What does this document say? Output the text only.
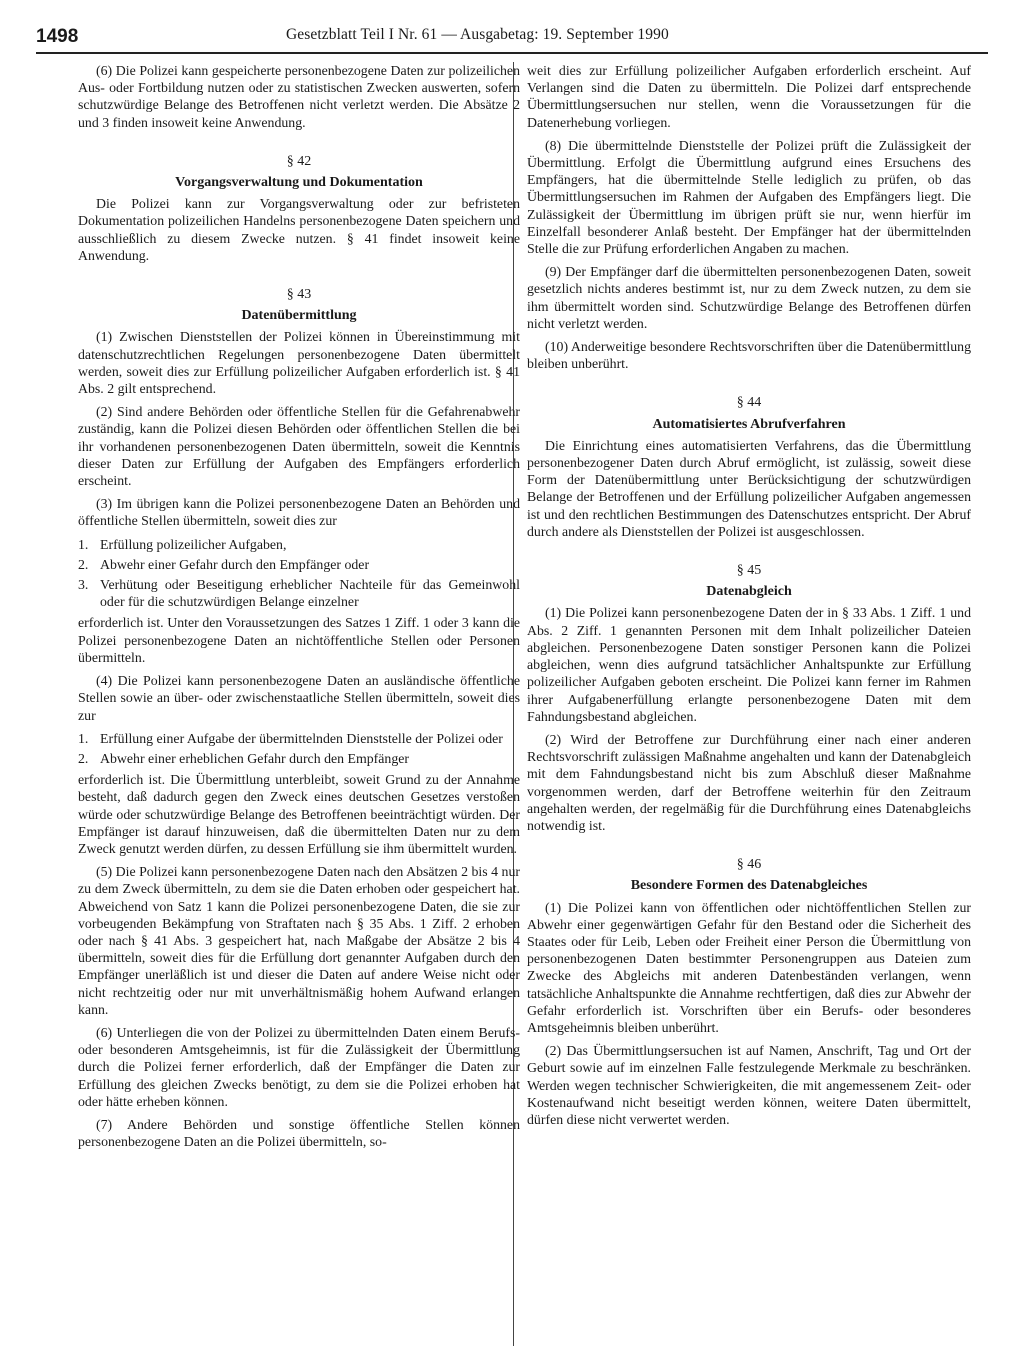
1498	Gesetzblatt Teil I Nr. 61 — Ausgabetag: 19. September 1990

(6) Die Polizei kann gespeicherte personenbezogene Daten zur polizeilichen Aus- oder Fortbildung nutzen oder zu statistischen Zwecken auswerten, sofern schutzwürdige Belange des Betroffenen nicht verletzt werden. Die Absätze 2 und 3 finden insoweit keine Anwendung.

§ 42
Vorgangsverwaltung und Dokumentation

Die Polizei kann zur Vorgangsverwaltung oder zur befristeten Dokumentation polizeilichen Handelns personenbezogene Daten speichern und ausschließlich zu diesem Zwecke nutzen. § 41 findet insoweit keine Anwendung.

§ 43
Datenübermittlung

(1) Zwischen Dienststellen der Polizei können in Übereinstimmung mit datenschutzrechtlichen Regelungen personenbezogene Daten übermittelt werden, soweit dies zur Erfüllung polizeilicher Aufgaben erforderlich ist. § 41 Abs. 2 gilt entsprechend.

(2) Sind andere Behörden oder öffentliche Stellen für die Gefahrenabwehr zuständig, kann die Polizei diesen Behörden oder öffentlichen Stellen die bei ihr vorhandenen personenbezogenen Daten übermitteln, soweit die Kenntnis dieser Daten zur Erfüllung der Aufgaben des Empfängers erforderlich erscheint.

(3) Im übrigen kann die Polizei personenbezogene Daten an Behörden und öffentliche Stellen übermitteln, soweit dies zur

1. Erfüllung polizeilicher Aufgaben,
2. Abwehr einer Gefahr durch den Empfänger oder
3. Verhütung oder Beseitigung erheblicher Nachteile für das Gemeinwohl oder für die schutzwürdigen Belange einzelner

erforderlich ist. Unter den Voraussetzungen des Satzes 1 Ziff. 1 oder 3 kann die Polizei personenbezogene Daten an nichtöffentliche Stellen oder Personen übermitteln.

(4) Die Polizei kann personenbezogene Daten an ausländische öffentliche Stellen sowie an über- oder zwischenstaatliche Stellen übermitteln, soweit dies zur

1. Erfüllung einer Aufgabe der übermittelnden Dienststelle der Polizei oder
2. Abwehr einer erheblichen Gefahr durch den Empfänger

erforderlich ist. Die Übermittlung unterbleibt, soweit Grund zu der Annahme besteht, daß dadurch gegen den Zweck eines deutschen Gesetzes verstoßen würde oder schutzwürdige Belange des Betroffenen beeinträchtigt würden. Der Empfänger ist darauf hinzuweisen, daß die übermittelten Daten nur zu dem Zweck genutzt werden dürfen, zu dessen Erfüllung sie ihm übermittelt wurden.

(5) Die Polizei kann personenbezogene Daten nach den Absätzen 2 bis 4 nur zu dem Zweck übermitteln, zu dem sie die Daten erhoben oder gespeichert hat. Abweichend von Satz 1 kann die Polizei personenbezogene Daten, die sie zur vorbeugenden Bekämpfung von Straftaten nach § 35 Abs. 1 Ziff. 2 erhoben oder nach § 41 Abs. 3 gespeichert hat, nach Maßgabe der Absätze 2 bis 4 übermitteln, soweit dies für die Erfüllung dort genannter Aufgaben durch den Empfänger unerläßlich ist und dieser die Daten auf andere Weise nicht oder nicht rechtzeitig oder nur mit unverhältnismäßig hohem Aufwand erlangen kann.

(6) Unterliegen die von der Polizei zu übermittelnden Daten einem Berufs- oder besonderen Amtsgeheimnis, ist für die Zulässigkeit der Übermittlung durch die Polizei ferner erforderlich, daß der Empfänger die Daten zur Erfüllung des gleichen Zwecks benötigt, zu dem sie die Polizei erhoben hat oder hätte erheben können.

(7) Andere Behörden und sonstige öffentliche Stellen können personenbezogene Daten an die Polizei übermitteln, so-

weit dies zur Erfüllung polizeilicher Aufgaben erforderlich erscheint. Auf Verlangen sind die Daten zu übermitteln. Die Polizei darf entsprechende Übermittlungsersuchen nur stellen, wenn die Voraussetzungen für die Datenerhebung vorliegen.

(8) Die übermittelnde Dienststelle der Polizei prüft die Zulässigkeit der Übermittlung. Erfolgt die Übermittlung aufgrund eines Ersuchens des Empfängers, hat die übermittelnde Stelle lediglich zu prüfen, ob das Übermittlungsersuchen im Rahmen der Aufgaben des Empfängers liegt. Die Zulässigkeit der Übermittlung im übrigen prüft sie nur, wenn hierfür im Einzelfall besonderer Anlaß besteht. Der Empfänger hat der übermittelnden Stelle die zur Prüfung erforderlichen Angaben zu machen.

(9) Der Empfänger darf die übermittelten personenbezogenen Daten, soweit gesetzlich nichts anderes bestimmt ist, nur zu dem Zweck nutzen, zu dem sie ihm übermittelt worden sind. Schutzwürdige Belange des Betroffenen dürfen nicht verletzt werden.

(10) Anderweitige besondere Rechtsvorschriften über die Datenübermittlung bleiben unberührt.

§ 44
Automatisiertes Abrufverfahren

Die Einrichtung eines automatisierten Verfahrens, das die Übermittlung personenbezogener Daten durch Abruf ermöglicht, ist zulässig, soweit diese Form der Datenübermittlung unter Berücksichtigung der schutzwürdigen Belange der Betroffenen und der Erfüllung polizeilicher Aufgaben angemessen ist und den rechtlichen Bestimmungen des Datenschutzes entspricht. Der Abruf durch andere als Dienststellen der Polizei ist ausgeschlossen.

§ 45
Datenabgleich

(1) Die Polizei kann personenbezogene Daten der in § 33 Abs. 1 Ziff. 1 und Abs. 2 Ziff. 1 genannten Personen mit dem Inhalt polizeilicher Dateien abgleichen. Personenbezogene Daten sonstiger Personen kann die Polizei abgleichen, wenn dies aufgrund tatsächlicher Anhaltspunkte zur Erfüllung polizeilicher Aufgaben geboten erscheint. Die Polizei kann ferner im Rahmen ihrer Aufgabenerfüllung erlangte personenbezogene Daten mit dem Fahndungsbestand abgleichen.

(2) Wird der Betroffene zur Durchführung einer nach einer anderen Rechtsvorschrift zulässigen Maßnahme angehalten und kann der Datenabgleich mit dem Fahndungsbestand nicht bis zum Abschluß dieser Maßnahme vorgenommen werden, darf der Betroffene weiterhin für den Zeitraum angehalten werden, der regelmäßig für die Durchführung eines Datenabgleichs notwendig ist.

§ 46
Besondere Formen des Datenabgleiches

(1) Die Polizei kann von öffentlichen oder nichtöffentlichen Stellen zur Abwehr einer gegenwärtigen Gefahr für den Bestand oder die Sicherheit des Staates oder für Leib, Leben oder Freiheit einer Person die Übermittlung von personenbezogenen Daten bestimmter Personengruppen aus Dateien zum Zwecke des Abgleichs mit anderen Datenbeständen verlangen, wenn tatsächliche Anhaltspunkte die Annahme rechtfertigen, daß dies zur Abwehr der Gefahr erforderlich ist. Vorschriften über ein Berufs- oder besonderes Amtsgeheimnis bleiben unberührt.

(2) Das Übermittlungsersuchen ist auf Namen, Anschrift, Tag und Ort der Geburt sowie auf im einzelnen Falle festzulegende Merkmale zu beschränken. Werden wegen technischer Schwierigkeiten, die mit angemessenem Zeit- oder Kostenaufwand nicht beseitigt werden können, weitere Daten übermittelt, dürfen diese nicht verwertet werden.
